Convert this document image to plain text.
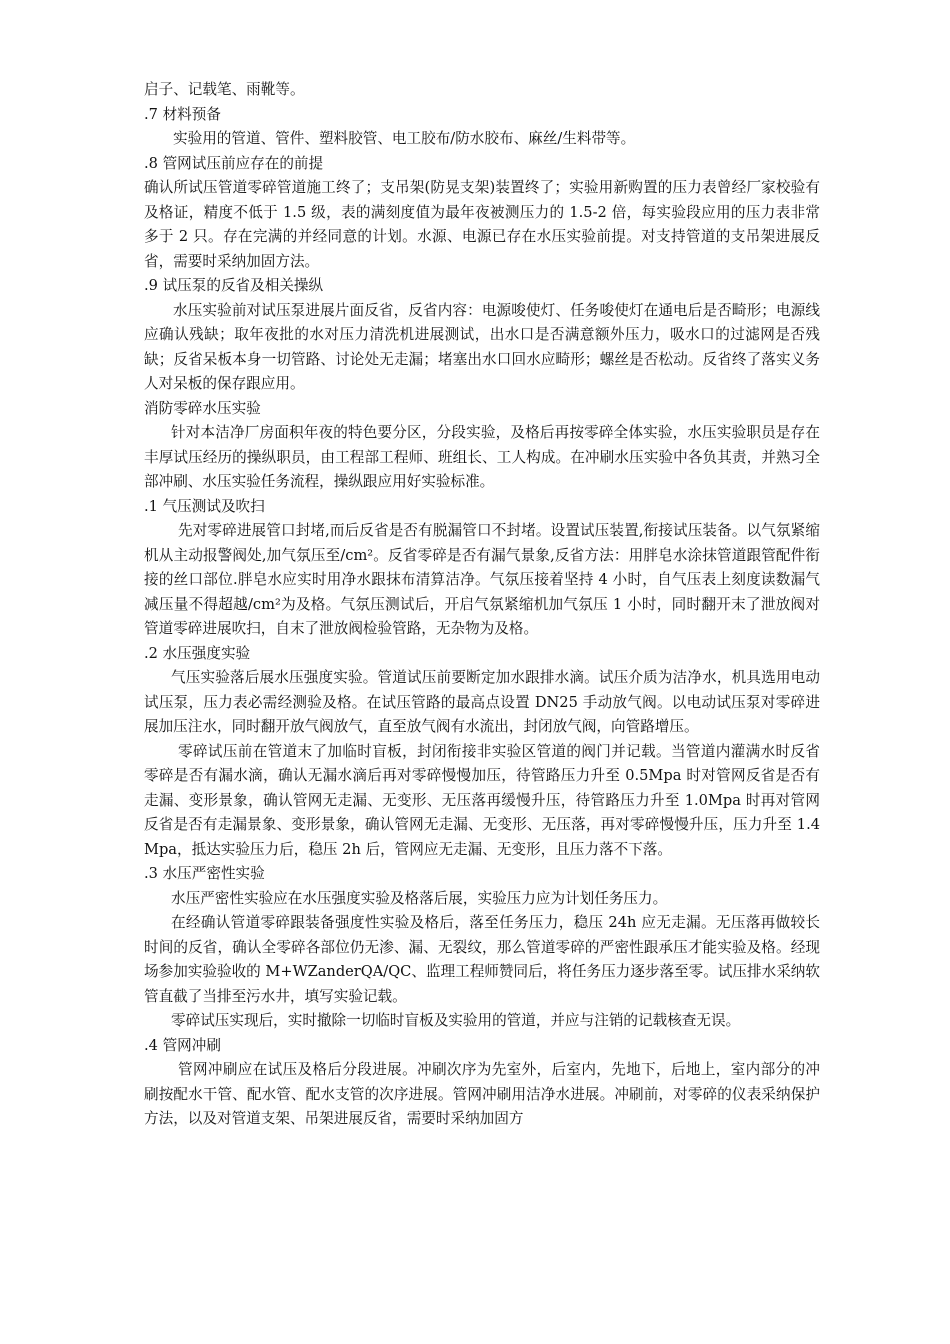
启子、记载笔、雨靴等。

.7 材料预备

实验用的管道、管件、塑料胶管、电工胶布/防水胶布、麻丝/生料带等。

.8 管网试压前应存在的前提

确认所试压管道零碎管道施工终了；支吊架(防晃支架)装置终了；实验用新购置的压力表曾经厂家校验有及格证，精度不低于 1.5 级，表的满刻度值为最年夜被测压力的 1.5-2 倍，每实验段应用的压力表非常多于 2 只。存在完满的并经同意的计划。水源、电源已存在水压实验前提。对支持管道的支吊架进展反省，需要时采纳加固方法。

.9 试压泵的反省及相关操纵

水压实验前对试压泵进展片面反省，反省内容：电源唆使灯、任务唆使灯在通电后是否畸形；电源线应确认残缺；取年夜批的水对压力清洗机进展测试，出水口是否满意额外压力，吸水口的过滤网是否残缺；反省呆板本身一切管路、讨论处无走漏；堵塞出水口回水应畸形；螺丝是否松动。反省终了落实义务人对呆板的保存跟应用。

消防零碎水压实验

针对本洁净厂房面积年夜的特色要分区，分段实验，及格后再按零碎全体实验，水压实验职员是存在丰厚试压经历的操纵职员，由工程部工程师、班组长、工人构成。在冲刷水压实验中各负其责，并熟习全部冲刷、水压实验任务流程，操纵跟应用好实验标准。

.1 气压测试及吹扫

先对零碎进展管口封堵,而后反省是否有脱漏管口不封堵。设置试压装置,衔接试压装备。以气氛紧缩机从主动报警阀处,加气氛压至/cm²。反省零碎是否有漏气景象,反省方法：用胖皂水涂抹管道跟管配件衔接的丝口部位.胖皂水应实时用净水跟抹布清算洁净。气氛压接着坚持 4 小时，自气压表上刻度读数漏气减压量不得超越/cm²为及格。气氛压测试后，开启气氛紧缩机加气氛压 1 小时，同时翻开末了泄放阀对管道零碎进展吹扫，自末了泄放阀检验管路，无杂物为及格。

.2 水压强度实验

气压实验落后展水压强度实验。管道试压前要断定加水跟排水滴。试压介质为洁净水，机具选用电动试压泵，压力表必需经测验及格。在试压管路的最高点设置 DN25 手动放气阀。以电动试压泵对零碎进展加压注水，同时翻开放气阀放气，直至放气阀有水流出，封闭放气阀，向管路增压。

零碎试压前在管道末了加临时盲板，封闭衔接非实验区管道的阀门并记载。当管道内灌满水时反省零碎是否有漏水滴，确认无漏水滴后再对零碎慢慢加压，待管路压力升至 0.5Mpa 时对管网反省是否有走漏、变形景象，确认管网无走漏、无变形、无压落再缓慢升压，待管路压力升至 1.0Mpa 时再对管网反省是否有走漏景象、变形景象，确认管网无走漏、无变形、无压落，再对零碎慢慢升压，压力升至 1.4Mpa，抵达实验压力后，稳压 2h 后，管网应无走漏、无变形，且压力落不下落。

.3 水压严密性实验

水压严密性实验应在水压强度实验及格落后展，实验压力应为计划任务压力。

在经确认管道零碎跟装备强度性实验及格后，落至任务压力，稳压 24h 应无走漏。无压落再做较长时间的反省，确认全零碎各部位仍无渗、漏、无裂纹，那么管道零碎的严密性跟承压才能实验及格。经现场参加实验验收的 M+WZanderQA/QC、监理工程师赞同后，将任务压力逐步落至零。试压排水采纳软管直截了当排至污水井，填写实验记载。

零碎试压实现后，实时撤除一切临时盲板及实验用的管道，并应与注销的记载核查无误。

.4 管网冲刷

管网冲刷应在试压及格后分段进展。冲刷次序为先室外，后室内，先地下，后地上，室内部分的冲刷按配水干管、配水管、配水支管的次序进展。管网冲刷用洁净水进展。冲刷前，对零碎的仪表采纳保护方法，以及对管道支架、吊架进展反省，需要时采纳加固方
